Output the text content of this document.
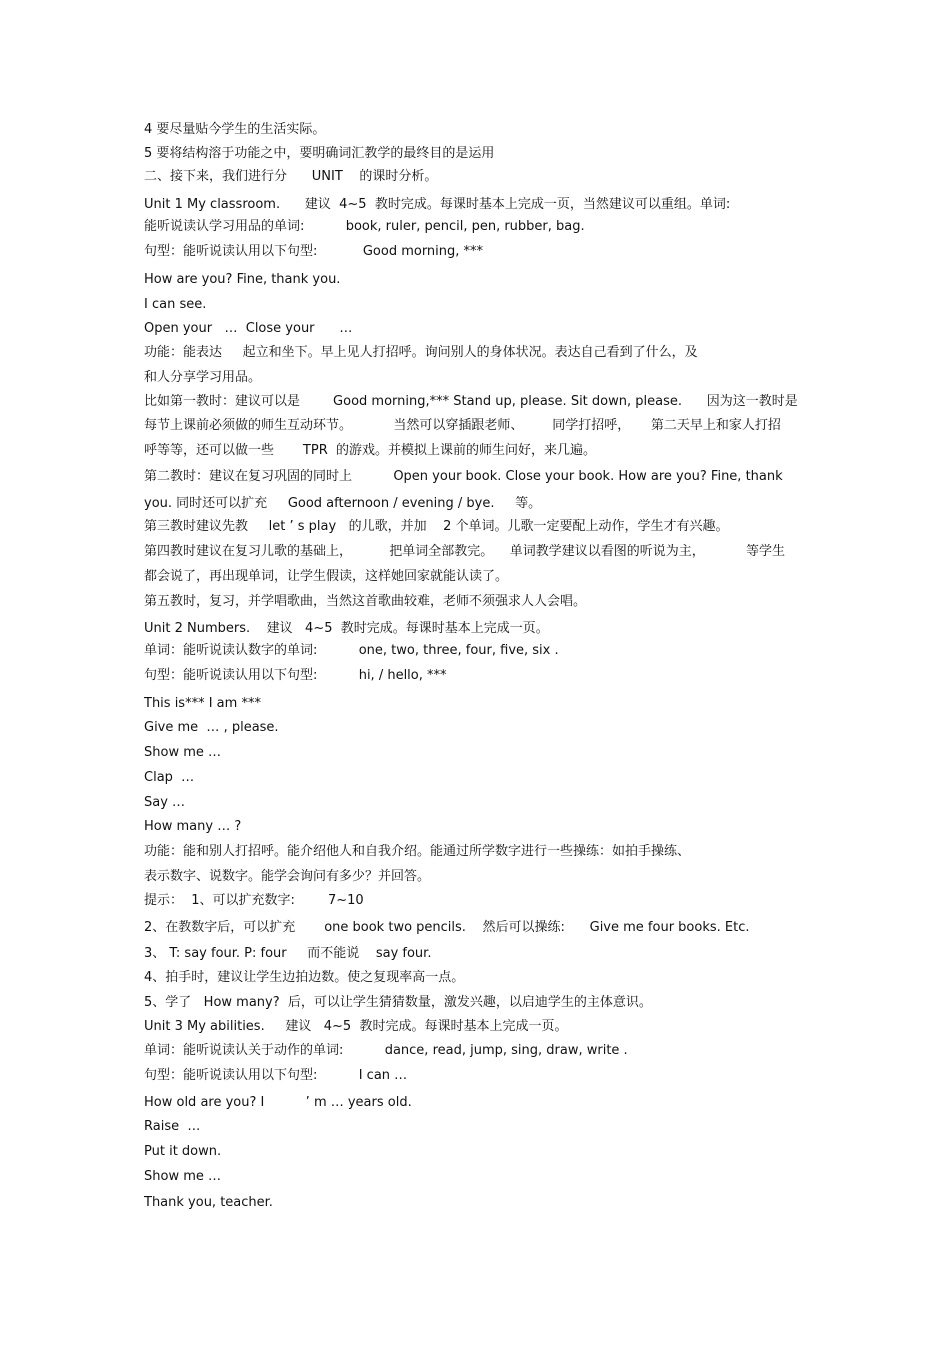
4 要尽量贴今学生的生活实际。

5 要将结构溶于功能之中，要明确词汇教学的最终目的是运用

二、接下来，我们进行分      UNIT    的课时分析。

Unit 1 My classroom.      建议  4~5  教时完成。每课时基本上完成一页，当然建议可以重组。单词:

能听说读认学习用品的单词:          book, ruler, pencil, pen, rubber, bag.

句型：能听说读认用以下句型:           Good morning, ***

How are you? Fine, thank you.

I can see.

Open your   …  Close your      …

功能：能表达     起立和坐下。早上见人打招呼。询问别人的身体状况。表达自己看到了什么，及

和人分享学习用品。

比如第一教时：建议可以是        Good morning,*** Stand up, please. Sit down, please.      因为这一教时是

每节上课前必须做的师生互动环节。          当然可以穿插跟老师、       同学打招呼，     第二天早上和家人打招

呼等等，还可以做一些       TPR  的游戏。并模拟上课前的师生问好，来几遍。

第二教时：建议在复习巩固的同时上          Open your book. Close your book. How are you? Fine, thank

you. 同时还可以扩充     Good afternoon / evening / bye.     等。

第三教时建议先教     let ’ s play   的儿歌，并加    2 个单词。儿歌一定要配上动作，学生才有兴趣。

第四教时建议在复习儿歌的基础上，         把单词全部教完。    单词教学建议以看图的听说为主，          等学生

都会说了，再出现单词，让学生假读，这样她回家就能认读了。

第五教时，复习，并学唱歌曲，当然这首歌曲较难，老师不须强求人人会唱。

Unit 2 Numbers.    建议   4~5  教时完成。每课时基本上完成一页。

单词：能听说读认数字的单词:          one, two, three, four, five, six .

句型：能听说读认用以下句型:          hi, / hello, ***

This is*** I am ***

Give me  … , please.

Show me …

Clap  …

Say …

How many … ?

功能：能和别人打招呼。能介绍他人和自我介绍。能通过所学数字进行一些操练：如拍手操练、

表示数字、说数字。能学会询问有多少？并回答。

提示：  1、可以扩充数字:        7~10

2、在教数字后，可以扩充       one book two pencils.    然后可以操练:      Give me four books. Etc.

3、 T: say four. P: four     而不能说    say four.

4、拍手时，建议让学生边拍边数。使之复现率高一点。

5、学了   How many?  后，可以让学生猜猜数量，激发兴趣，以启迪学生的主体意识。

Unit 3 My abilities.     建议   4~5  教时完成。每课时基本上完成一页。

单词：能听说读认关于动作的单词:          dance, read, jump, sing, draw, write .

句型：能听说读认用以下句型:          I can …

How old are you? I          ’ m … years old.

Raise  …

Put it down.

Show me …

Thank you, teacher.
